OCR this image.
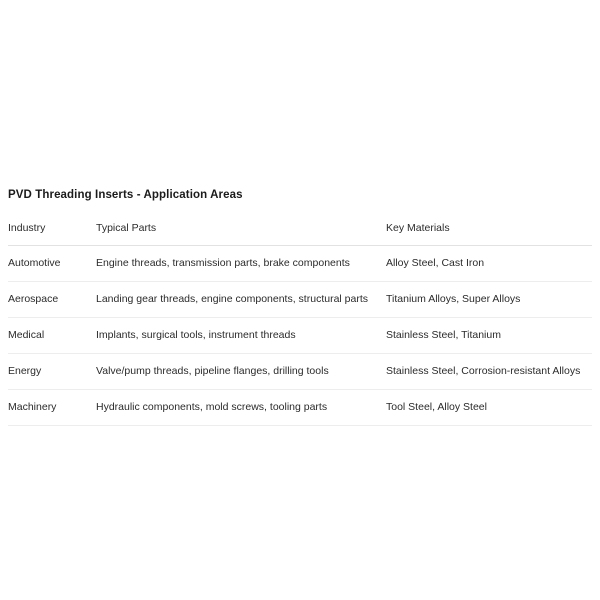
PVD Threading Inserts - Application Areas
Industry	Typical Parts	Key Materials
Automotive	Engine threads, transmission parts, brake components	Alloy Steel, Cast Iron
Aerospace	Landing gear threads, engine components, structural parts	Titanium Alloys, Super Alloys
Medical	Implants, surgical tools, instrument threads	Stainless Steel, Titanium
Energy	Valve/pump threads, pipeline flanges, drilling tools	Stainless Steel, Corrosion-resistant Alloys
Machinery	Hydraulic components, mold screws, tooling parts	Tool Steel, Alloy Steel
